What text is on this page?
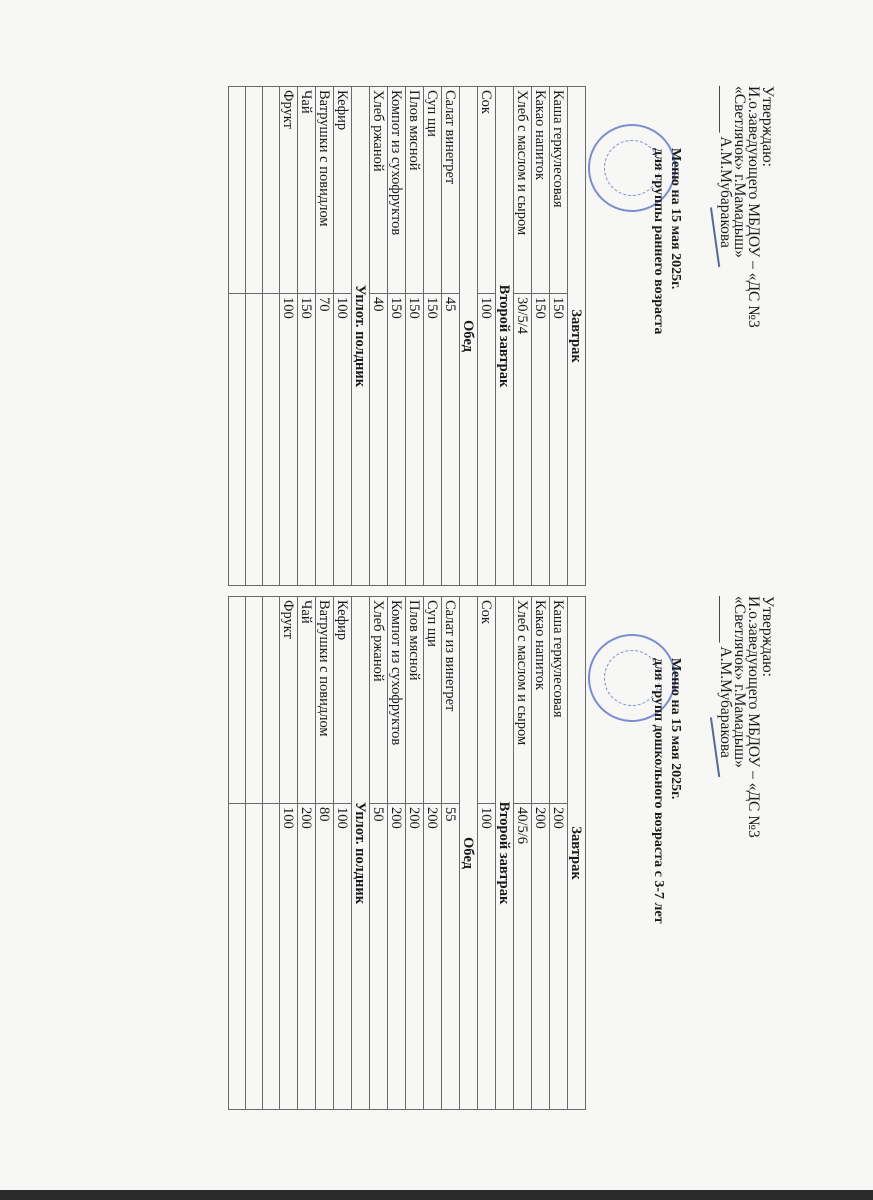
Утверждаю:
И.о.заведующего МБДОУ – «ДС №3
«Светлячок» г.Мамадыш»
______ А.М.Мубаракова
Меню на 15 мая 2025г.
для группы раннего возраста
Завтрак	
Каша геркулесовая	150
Какао напиток	150
Хлеб с маслом и сыром	30/5/4
Второй завтрак	
Сок	100
Обед	
Салат винегрет	45
Суп щи	150
Плов мясной	150
Компот из сухофруктов	150
Хлеб ржаной	40
Уплот. полдник	
Кефир	100
Ватрушки с повидлом	70
Чай	150
Фрукт	100

Утверждаю:
И.о.заведующего МБДОУ – «ДС №3
«Светлячок» г.Мамадыш»
______ А.М.Мубаракова
Меню на 15 мая 2025г.
для групп дошкольного возраста с 3-7 лет
Завтрак	
Каша геркулесовая	200
Какао напиток	200
Хлеб с маслом и сыром	40/5/6
Второй завтрак	
Сок	100
Обед	
Салат из винегрет	55
Суп щи	200
Плов мясной	200
Компот из сухофруктов	200
Хлеб ржаной	50
Уплот. полдник	
Кефир	100
Ватрушки с повидлом	80
Чай	200
Фрукт	100
